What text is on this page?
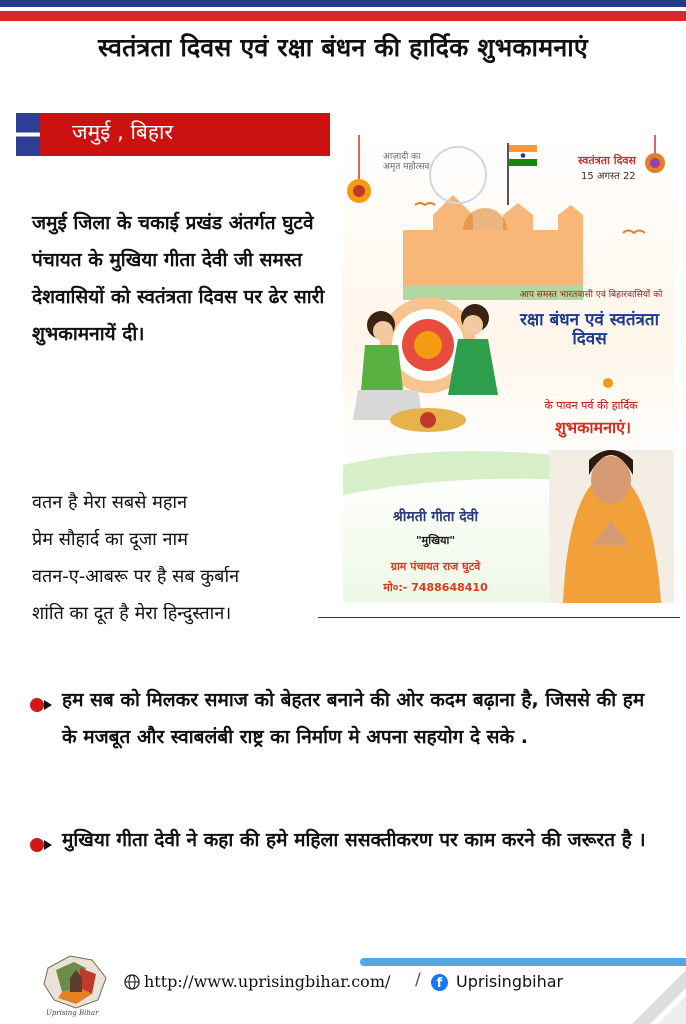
स्वतंत्रता दिवस एवं रक्षा बंधन की हार्दिक शुभकामनाएं
जमुई , बिहार

जमुई जिला के चकाई प्रखंड अंतर्गत घुटवे पंचायत के मुखिया गीता देवी जी समस्त देशवासियों को स्वतंत्रता दिवस पर ढेर सारी शुभकामनायें दी।

वतन है मेरा सबसे महान
प्रेम सौहार्द का दूजा नाम
वतन-ए-आबरू पर है सब कुर्बान
शांति का दूत है मेरा हिन्दुस्तान।
आज़ादी का
अमृत महोत्सव	स्वतंत्रता दिवस
15 अगस्त 22
आप समस्त भारतवासी एवं बिहारवासियों को
रक्षा बंधन एवं स्वतंत्रता दिवस
के पावन पर्व की हार्दिक
शुभकामनाएं।
श्रीमती गीता देवी
"मुखिया"
ग्राम पंचायत राज घुटवे
मो०:- 7488648410

हम सब को मिलकर समाज को बेहतर बनाने की ओर कदम बढ़ाना है, जिससे की हम के मजबूत और स्वाबलंबी राष्ट्र का निर्माण मे अपना सहयोग दे सके .

मुखिया गीता देवी ने कहा की हमे महिला ससक्तीकरण पर काम करने की जरूरत है ।

Uprising Bihar
http://www.uprisingbihar.com/ /	f Uprisingbihar
